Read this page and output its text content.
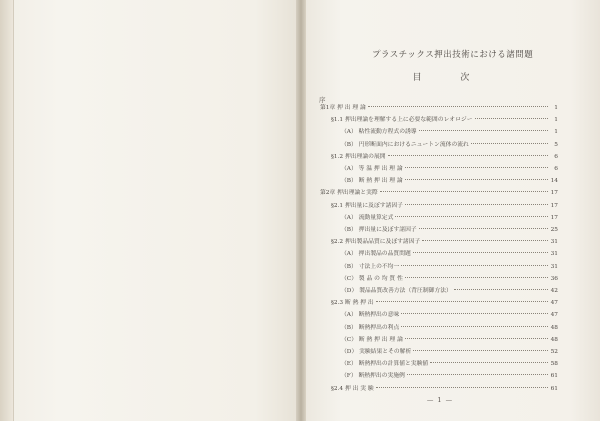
プラスチックス押出技術における諸問題
目 次
序
第1章 押 出 理 論	1
§1.1 押出理論を理解する上に必要な範囲のレオロジー	1
（A） 粘性流動方程式の誘導	1
（B） 円形断面内におけるニュートン流体の流れ	5
§1.2 押出理論の展開	6
（A） 等 温 押 出 理 論	6
（B） 断 熱 押 出 理 論	14
第2章 押出理論と実際	17
§2.1 押出量に及ぼす諸因子	17
（A） 流動量算定式	17
（B） 押出量に及ぼす諸因子	25
§2.2 押出製品品質に及ぼす諸因子	31
（A） 押出製品の品質問題	31
（B） 寸法上の不均一	31
（C） 製 品 の 均 質 性	36
（D） 製品品質改善方法（背圧制御方法）	42
§2.3 断 熱 押 出	47
（A） 断熱押出の意味	47
（B） 断熱押出の利点	48
（C） 断 熱 押 出 理 論	48
（D） 実験結果とその解析	52
（E） 断熱押出の計算値と実験値	58
（F） 断熱押出の実施例	61
§2.4 押 出 実 験	61
— 1 —
